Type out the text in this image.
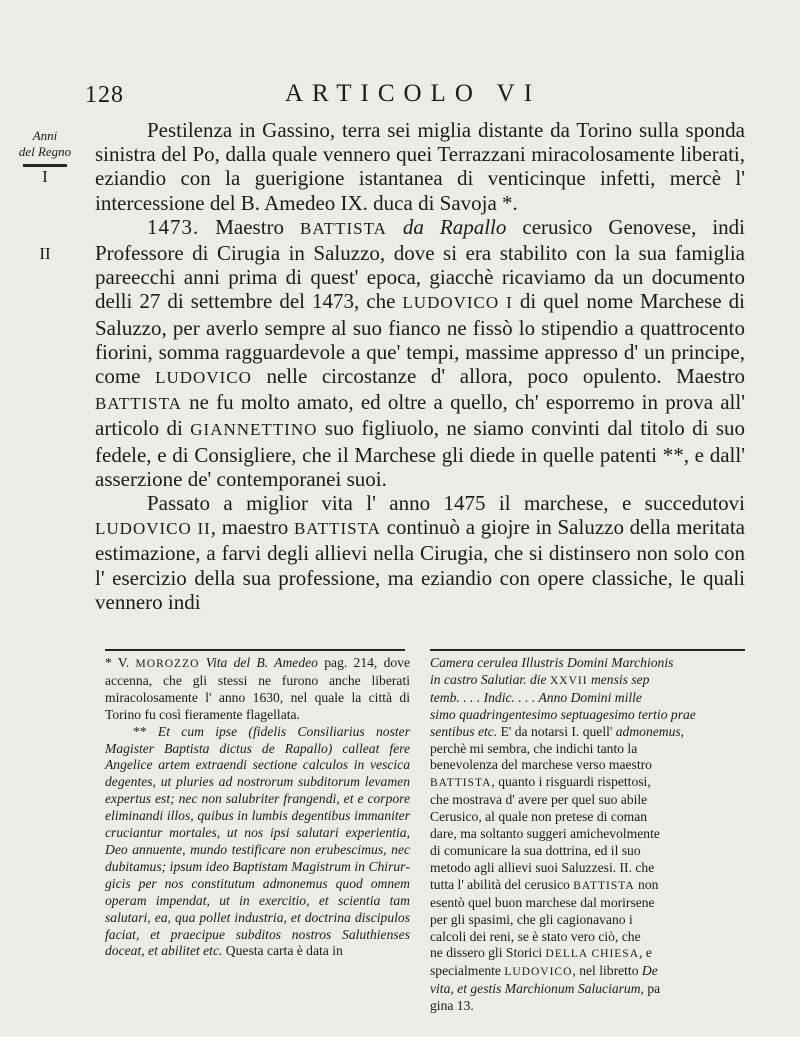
128	ARTICOLO VI
Anni
del Regno
I
II

Pestilenza in Gassino, terra sei miglia distante da Torino sulla sponda sinistra del Po, dalla quale vennero quei Terrazzani miracolosamente liberati, eziandio con la guerigione istantanea di venticinque infetti, mercè l' intercessione del B. Amedeo IX. duca di Savoja *.

1473. Maestro BATTISTA da Rapallo cerusico Genovese, indi Professore di Cirugia in Saluzzo, dove si era stabilito con la sua famiglia pareecchi anni prima di quest' epoca, giacchè ricaviamo da un documento delli 27 di settembre del 1473, che LUDOVICO I di quel nome Marchese di Saluzzo, per averlo sempre al suo fianco ne fissò lo stipendio a quattrocento fiorini, somma ragguardevole a que' tempi, massime appresso d' un principe, come LUDOVICO nelle circostanze d' allora, poco opulento. Maestro BATTISTA ne fu molto amato, ed oltre a quello, ch' esporremo in prova all' articolo di GIANNETTINO suo figliuolo, ne siamo convinti dal titolo di suo fedele, e di Consigliere, che il Marchese gli diede in quelle patenti **, e dall' asserzione de' contemporanei suoi.

Passato a miglior vita l' anno 1475 il marchese, e succedutovi LUDOVICO II, maestro BATTISTA continuò a giojre in Saluzzo della meritata estimazione, a farvi degli allievi nella Cirugia, che si distinsero non solo con l' esercizio della sua professione, ma eziandio con opere classiche, le quali vennero indi

* V. MOROZZO Vita del B. Amedeo pag. 214, dove accenna, che gli stessi ne furono anche liberati miracolosamente l' anno 1630, nel quale la città di Torino fu così fieramente flagellata.

** Et cum ipse (fidelis Consiliarius noster Magister Baptista dictus de Rapallo) calleat fere Angelice artem extraendi sectione calculos in vescica degentes, ut pluries ad nostrorum subditorum levamen expertus est; nec non salubriter frangendi, et e corpore eliminandi illos, quibus in lumbis degentibus immaniter cruciantur mortales, ut nos ipsi salutari experientia, Deo annuente, mundo testificare non erubescimus, nec dubitamus; ipsum ideo Baptistam Magistrum in Chirurgicis per nos constitutum admonemus quod omnem operam impendat, ut in exercitio, et scientia tam salutari, ea, qua pollet industria, et doctrina discipulos faciat, et praecipue subditos nostros Saluthienses doceat, et abilitet etc. Questa carta è data in

Camera cerulea Illustris Domini Marchionis
in castro Salutiar. die XXVII mensis sep
temb. . . . Indic. . . . Anno Domini mille
simo quadringentesimo septuagesimo tertio prae
sentibus etc. E' da notarsi I. quell' admonemus,
perchè mi sembra, che indichi tanto la
benevolenza del marchese verso maestro
BATTISTA, quanto i risguardi rispettosi,
che mostrava d' avere per quel suo abile
Cerusico, al quale non pretese di coman
dare, ma soltanto suggeri amichevolmente
di comunicare la sua dottrina, ed il suo
metodo agli allievi suoi Saluzzesi. II. che
tutta l' abilità del cerusico BATTISTA non
esentò quel buon marchese dal morirsene
per gli spasimi, che gli cagionavano i
calcoli dei reni, se è stato vero ciò, che
ne dissero gli Storici DELLA CHIESA, e
specialmente LUDOVICO, nel libretto De
vita, et gestis Marchionum Saluciarum, pa
gina 13.
